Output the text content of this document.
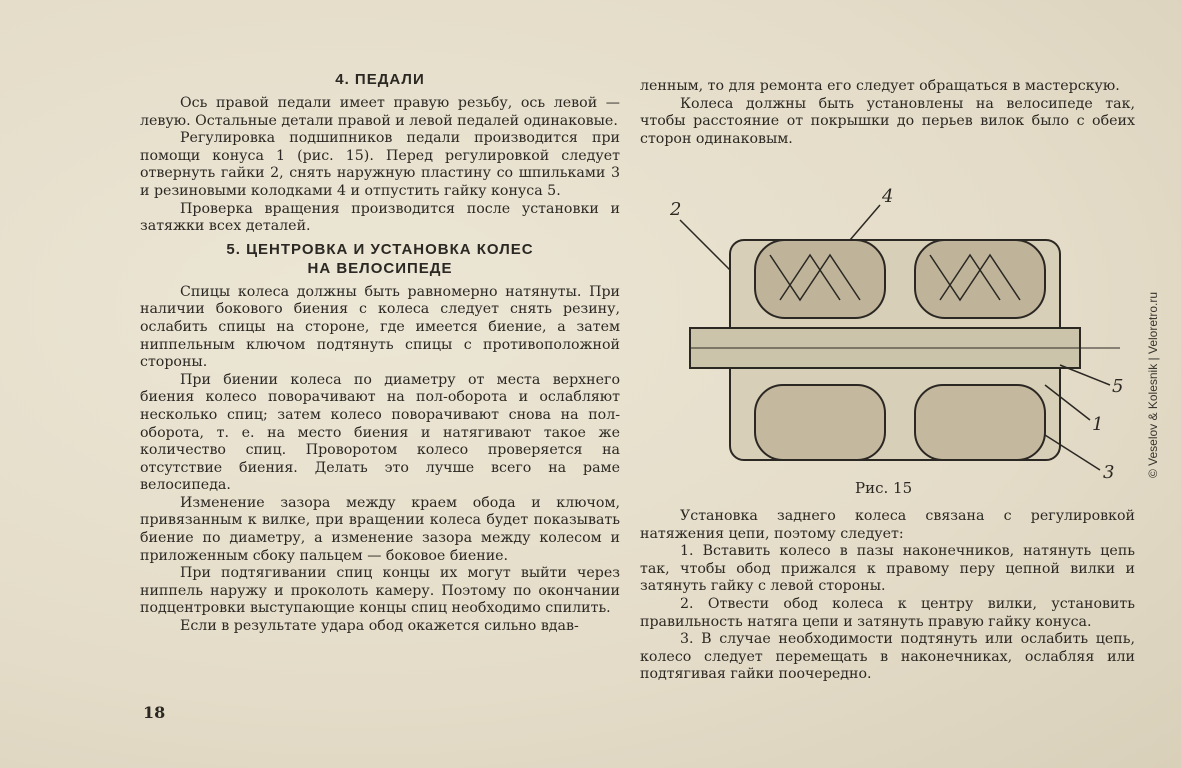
4. ПЕДАЛИ

Ось правой педали имеет правую резьбу, ось левой — левую. Остальные детали правой и левой педалей одинаковые.

Регулировка подшипников педали производится при помощи конуса 1 (рис. 15). Перед регулировкой следует отвернуть гайки 2, снять наружную пластину со шпильками 3 и резиновыми колодками 4 и отпустить гайку конуса 5.

Проверка вращения производится после установки и затяжки всех деталей.

5. ЦЕНТРОВКА И УСТАНОВКА КОЛЕС
НА ВЕЛОСИПЕДЕ

Спицы колеса должны быть равномерно натянуты. При наличии бокового биения с колеса следует снять резину, ослабить спицы на стороне, где имеется биение, а затем ниппельным ключом подтянуть спицы с противоположной стороны.

При биении колеса по диаметру от места верхнего биения колесо поворачивают на пол-оборота и ослабляют несколько спиц; затем колесо поворачивают снова на пол-оборота, т. е. на место биения и натягивают такое же количество спиц. Проворотом колесо проверяется на отсутствие биения. Делать это лучше всего на раме велосипеда.

Изменение зазора между краем обода и ключом, привязанным к вилке, при вращении колеса будет показывать биение по диаметру, а изменение зазора между колесом и приложенным сбоку пальцем — боковое биение.

При подтягивании спиц концы их могут выйти через ниппель наружу и проколоть камеру. Поэтому по окончании подцентровки выступающие концы спиц необходимо спилить.

Если в результате удара обод окажется сильно вдав-

18

ленным, то для ремонта его следует обращаться в мастерскую.

Колеса должны быть установлены на велосипеде так, чтобы расстояние от покрышки до перьев вилок было с обеих сторон одинаковым.

2
4
5
1
3
Рис. 15

Установка заднего колеса связана с регулировкой натяжения цепи, поэтому следует:

1. Вставить колесо в пазы наконечников, натянуть цепь так, чтобы обод прижался к правому перу цепной вилки и затянуть гайку с левой стороны.

2. Отвести обод колеса к центру вилки, установить правильность натяга цепи и затянуть правую гайку конуса.

3. В случае необходимости подтянуть или ослабить цепь, колесо следует перемещать в наконечниках, ослабляя или подтягивая гайки поочередно.

© Veselov & Kolesnik | Veloretro.ru
